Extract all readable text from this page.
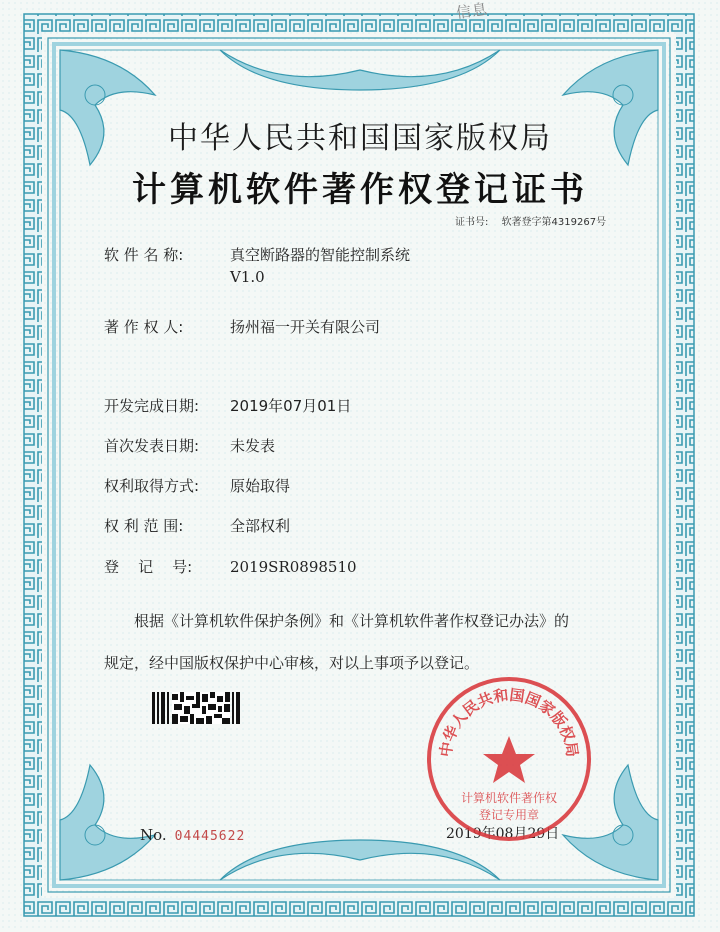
信息
中华人民共和国国家版权局
计算机软件著作权登记证书
证书号: 软著登字第4319267号
软 件 名 称:	真空断路器的智能控制系统
V1.0
著 作 权 人:	扬州福一开关有限公司
开发完成日期: 2019年07月01日
首次发表日期: 未发表
权利取得方式: 原始取得
权 利 范 围:	全部权利
登    记    号:	2019SR0898510
根据《计算机软件保护条例》和《计算机软件著作权登记办法》的
规定，经中国版权保护中心审核，对以上事项予以登记。
No. 04445622	2019年08月29日
中华人民共和国国家版权局
计算机软件著作权
登记专用章
